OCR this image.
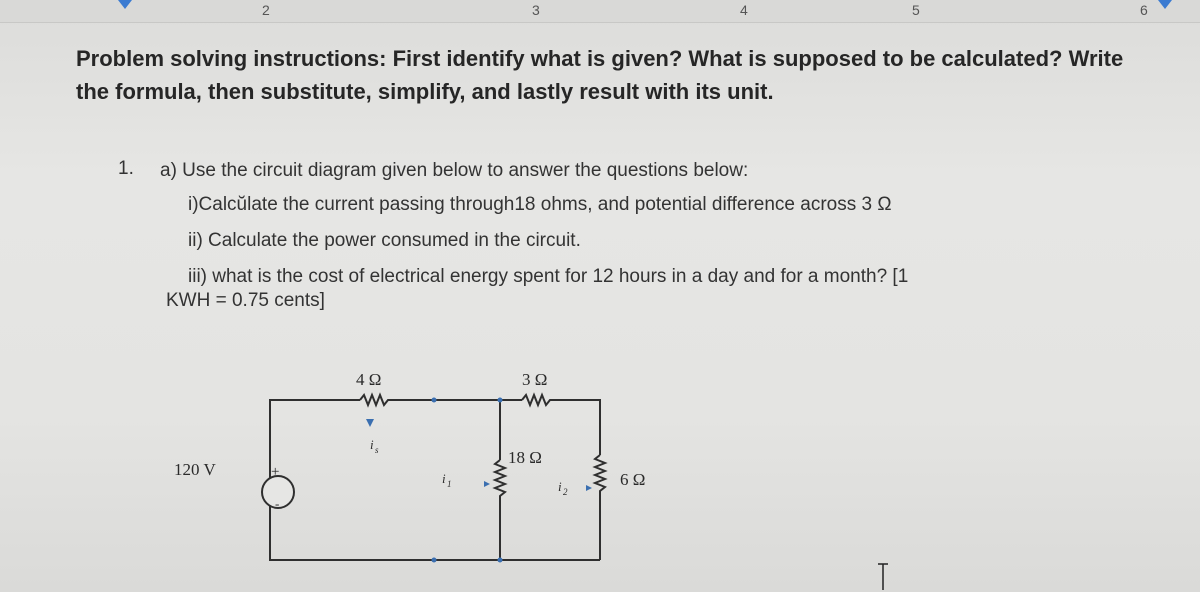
2	3	4	5	6
Problem solving instructions: First identify what is given? What is supposed to be calculated? Write the formula, then substitute, simplify, and lastly result with its unit.
1. a) Use the circuit diagram given below to answer the questions below:
i)Calcŭlate the current passing through18 ohms, and potential difference across 3 Ω
ii) Calculate the power consumed in the circuit.
iii) what is the cost of electrical energy spent for 12 hours in a day and for a month? [1
KWH = 0.75 cents]
+
-
120 V
4 Ω	3 Ω
18 Ω
6 Ω
i s
i 1	i 2
